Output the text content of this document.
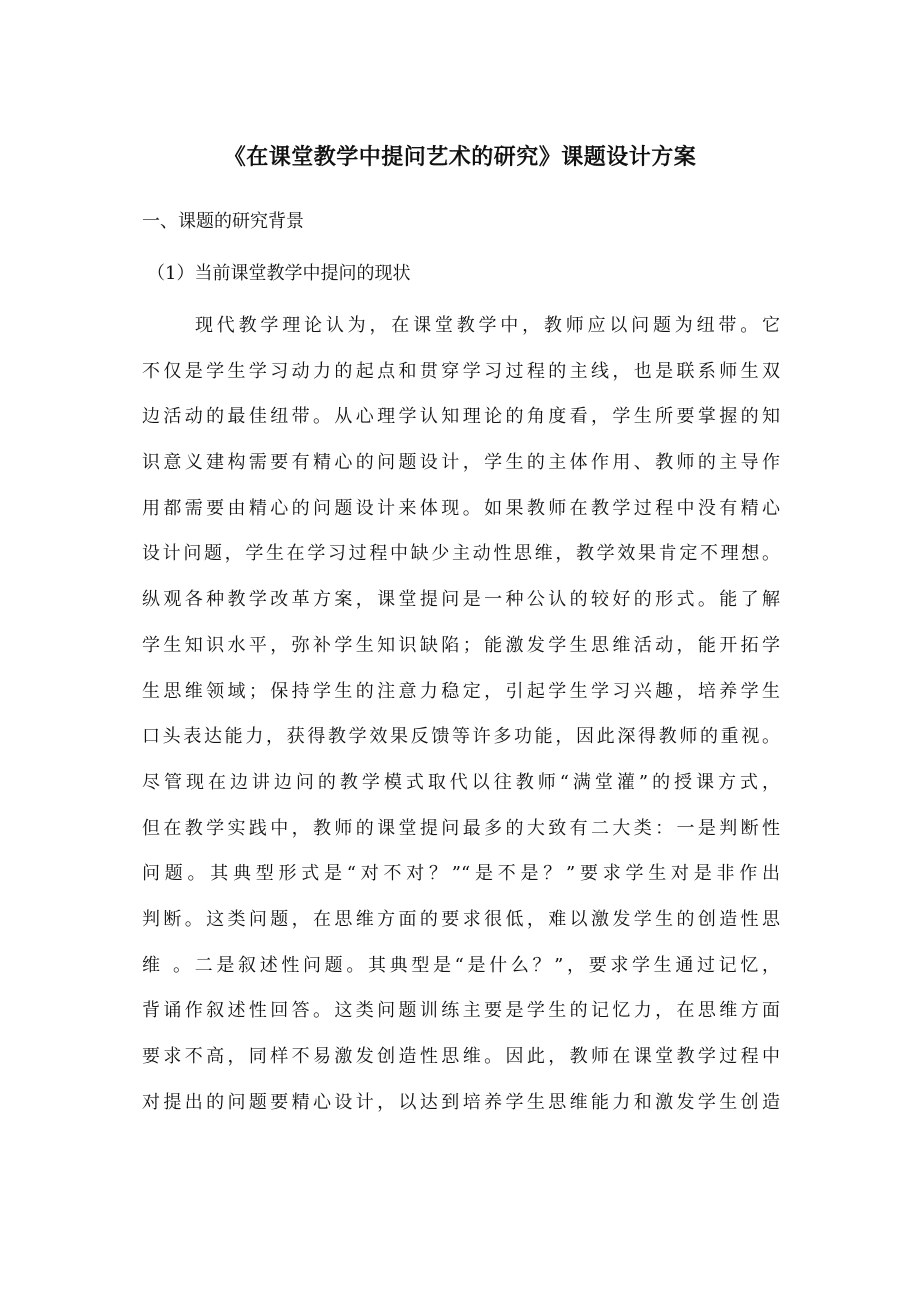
《在课堂教学中提问艺术的研究》课题设计方案
一、课题的研究背景
（1）当前课堂教学中提问的现状
现代教学理论认为，在课堂教学中，教师应以问题为纽带。它
不仅是学生学习动力的起点和贯穿学习过程的主线，也是联系师生双
边活动的最佳纽带。从心理学认知理论的角度看，学生所要掌握的知
识意义建构需要有精心的问题设计，学生的主体作用、教师的主导作
用都需要由精心的问题设计来体现。如果教师在教学过程中没有精心
设计问题，学生在学习过程中缺少主动性思维，教学效果肯定不理想。
纵观各种教学改革方案，课堂提问是一种公认的较好的形式。能了解
学生知识水平，弥补学生知识缺陷；能激发学生思维活动，能开拓学
生思维领域；保持学生的注意力稳定，引起学生学习兴趣，培养学生
口头表达能力，获得教学效果反馈等许多功能，因此深得教师的重视。
尽管现在边讲边问的教学模式取代以往教师“满堂灌”的授课方式，
但在教学实践中，教师的课堂提问最多的大致有二大类：一是判断性
问题。其典型形式是“对不对？”“是不是？”要求学生对是非作出
判断。这类问题，在思维方面的要求很低，难以激发学生的创造性思
维 。二是叙述性问题。其典型是“是什么？”，要求学生通过记忆，
背诵作叙述性回答。这类问题训练主要是学生的记忆力，在思维方面
要求不高，同样不易激发创造性思维。因此，教师在课堂教学过程中
对提出的问题要精心设计，以达到培养学生思维能力和激发学生创造
